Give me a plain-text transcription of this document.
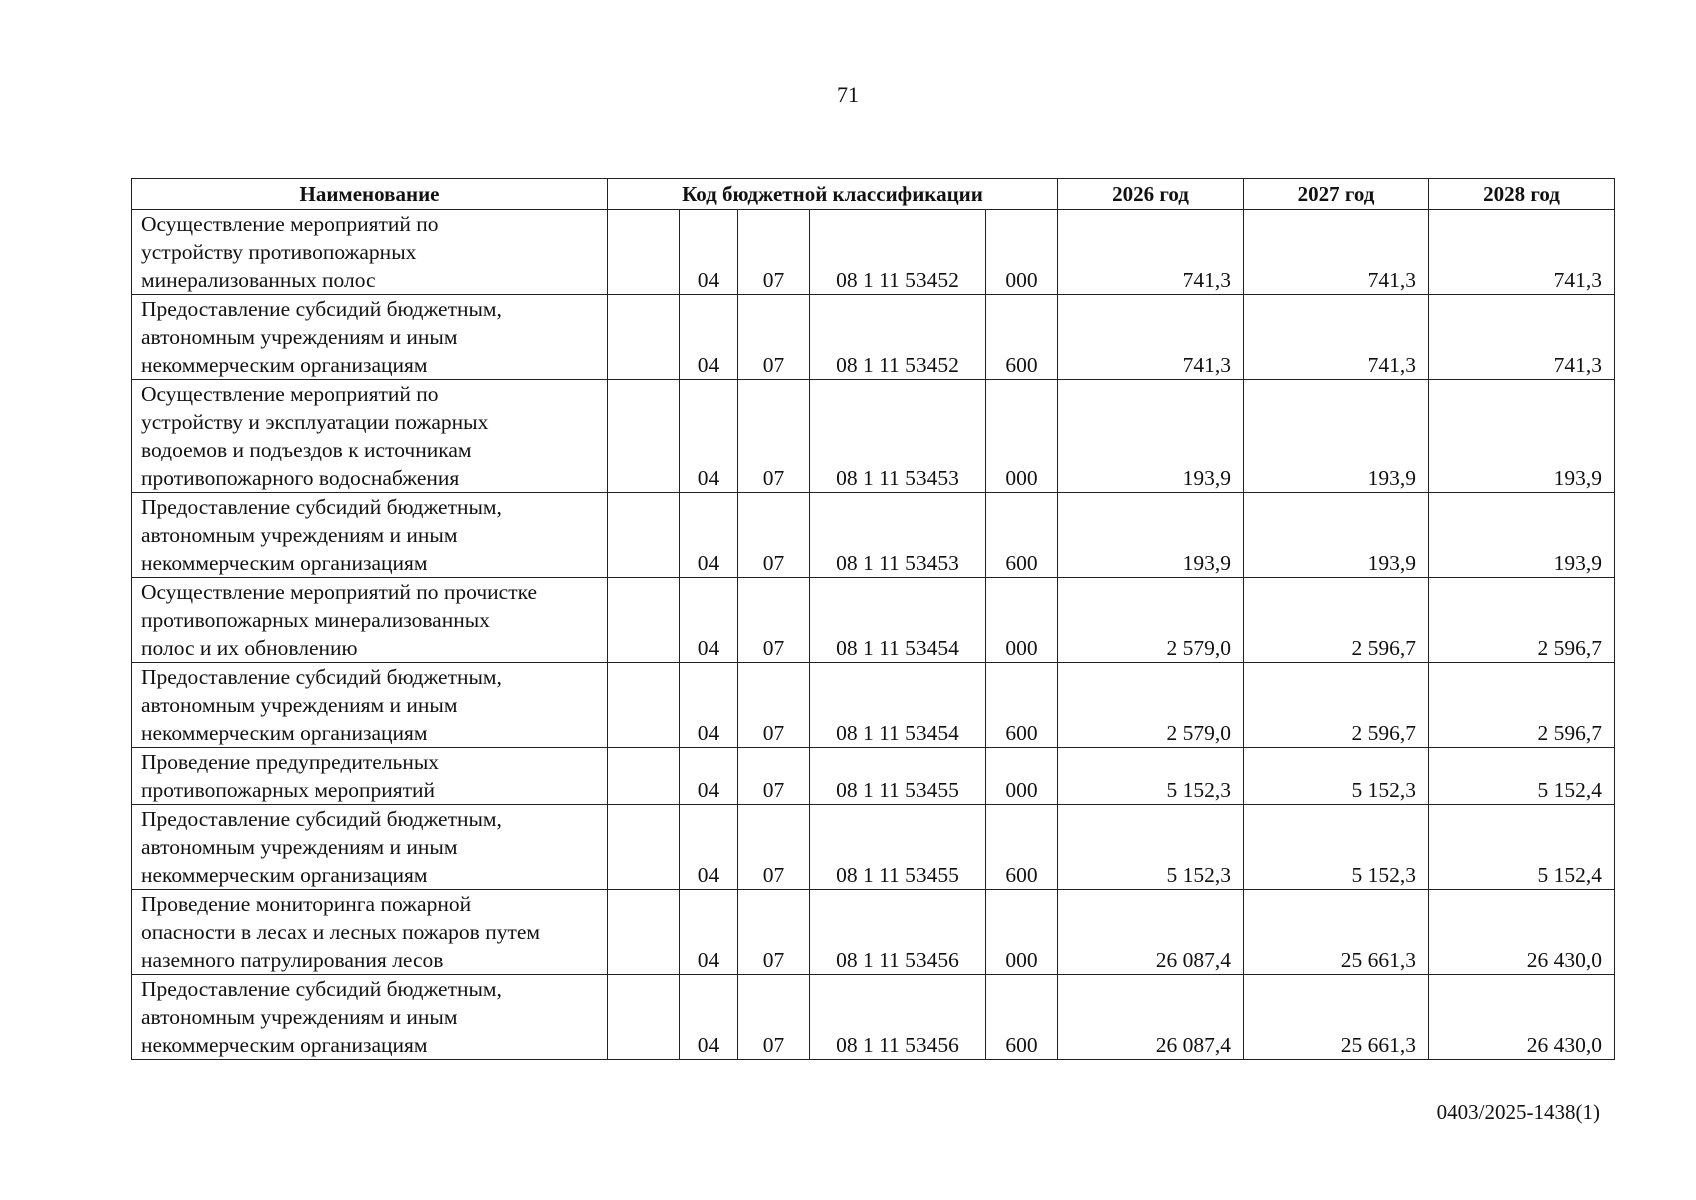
71
Наименование	Код бюджетной классификации					2026 год	2027 год	2028 год

Осуществление мероприятий по
устройству противопожарных
минерализованных полос		04	07	08 1 11 53452	000	741,3	741,3	741,3

Предоставление субсидий бюджетным,
автономным учреждениям и иным
некоммерческим организациям		04	07	08 1 11 53452	600	741,3	741,3	741,3

Осуществление мероприятий по
устройству и эксплуатации пожарных
водоемов и подъездов к источникам
противопожарного водоснабжения		04	07	08 1 11 53453	000	193,9	193,9	193,9

Предоставление субсидий бюджетным,
автономным учреждениям и иным
некоммерческим организациям		04	07	08 1 11 53453	600	193,9	193,9	193,9

Осуществление мероприятий по прочистке
противопожарных минерализованных
полос и их обновлению		04	07	08 1 11 53454	000	2 579,0	2 596,7	2 596,7

Предоставление субсидий бюджетным,
автономным учреждениям и иным
некоммерческим организациям		04	07	08 1 11 53454	600	2 579,0	2 596,7	2 596,7

Проведение предупредительных
противопожарных мероприятий		04	07	08 1 11 53455	000	5 152,3	5 152,3	5 152,4

Предоставление субсидий бюджетным,
автономным учреждениям и иным
некоммерческим организациям		04	07	08 1 11 53455	600	5 152,3	5 152,3	5 152,4

Проведение мониторинга пожарной
опасности в лесах и лесных пожаров путем
наземного патрулирования лесов		04	07	08 1 11 53456	000	26 087,4	25 661,3	26 430,0

Предоставление субсидий бюджетным,
автономным учреждениям и иным
некоммерческим организациям		04	07	08 1 11 53456	600	26 087,4	25 661,3	26 430,0
0403/2025-1438(1)
